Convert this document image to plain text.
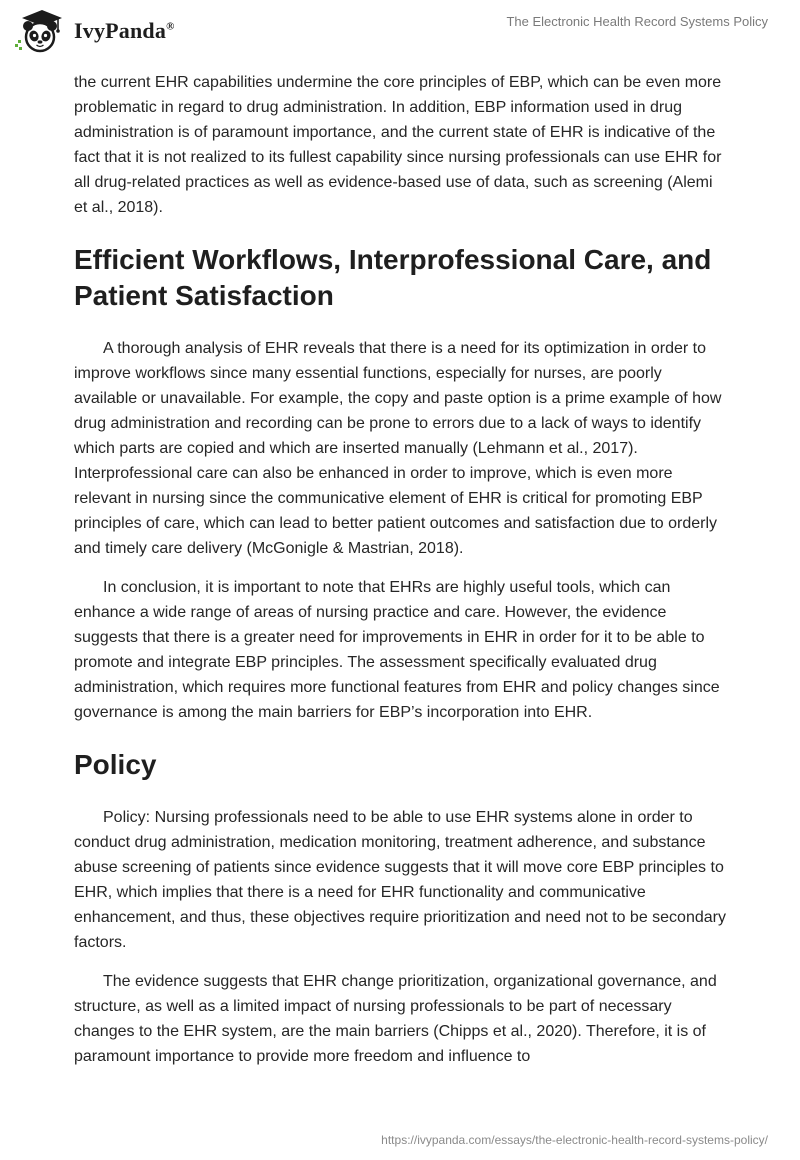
IvyPanda®	The Electronic Health Record Systems Policy

the current EHR capabilities undermine the core principles of EBP, which can be even more problematic in regard to drug administration. In addition, EBP information used in drug administration is of paramount importance, and the current state of EHR is indicative of the fact that it is not realized to its fullest capability since nursing professionals can use EHR for all drug-related practices as well as evidence-based use of data, such as screening (Alemi et al., 2018).

Efficient Workflows, Interprofessional Care, and Patient Satisfaction

A thorough analysis of EHR reveals that there is a need for its optimization in order to improve workflows since many essential functions, especially for nurses, are poorly available or unavailable. For example, the copy and paste option is a prime example of how drug administration and recording can be prone to errors due to a lack of ways to identify which parts are copied and which are inserted manually (Lehmann et al., 2017). Interprofessional care can also be enhanced in order to improve, which is even more relevant in nursing since the communicative element of EHR is critical for promoting EBP principles of care, which can lead to better patient outcomes and satisfaction due to orderly and timely care delivery (McGonigle & Mastrian, 2018).

In conclusion, it is important to note that EHRs are highly useful tools, which can enhance a wide range of areas of nursing practice and care. However, the evidence suggests that there is a greater need for improvements in EHR in order for it to be able to promote and integrate EBP principles. The assessment specifically evaluated drug administration, which requires more functional features from EHR and policy changes since governance is among the main barriers for EBP’s incorporation into EHR.

Policy

Policy: Nursing professionals need to be able to use EHR systems alone in order to conduct drug administration, medication monitoring, treatment adherence, and substance abuse screening of patients since evidence suggests that it will move core EBP principles to EHR, which implies that there is a need for EHR functionality and communicative enhancement, and thus, these objectives require prioritization and need not to be secondary factors.

The evidence suggests that EHR change prioritization, organizational governance, and structure, as well as a limited impact of nursing professionals to be part of necessary changes to the EHR system, are the main barriers (Chipps et al., 2020). Therefore, it is of paramount importance to provide more freedom and influence to

https://ivypanda.com/essays/the-electronic-health-record-systems-policy/
